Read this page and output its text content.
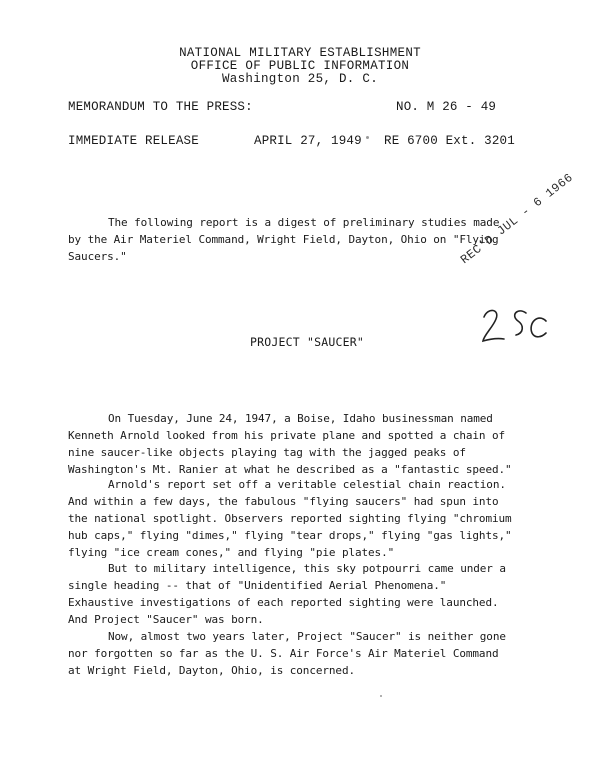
NATIONAL MILITARY ESTABLISHMENT
OFFICE OF PUBLIC INFORMATION
Washington 25, D. C.
MEMORANDUM TO THE PRESS:	NO. M 26 - 49
IMMEDIATE RELEASE	APRIL 27, 1949 RE 6700 Ext. 3201

The following report is a digest of preliminary studies made by the Air Materiel Command, Wright Field, Dayton, Ohio on "Flying Saucers."	REC'D JUL - 6 1966
PROJECT "SAUCER"

On Tuesday, June 24, 1947, a Boise, Idaho businessman named Kenneth Arnold looked from his private plane and spotted a chain of nine saucer-like objects playing tag with the jagged peaks of Washington's Mt. Ranier at what he described as a "fantastic speed."

Arnold's report set off a veritable celestial chain reaction. And within a few days, the fabulous "flying saucers" had spun into the national spotlight. Observers reported sighting flying "chromium hub caps," flying "dimes," flying "tear drops," flying "gas lights," flying "ice cream cones," and flying "pie plates."

But to military intelligence, this sky potpourri came under a single heading -- that of "Unidentified Aerial Phenomena." Exhaustive investigations of each reported sighting were launched. And Project "Saucer" was born.

Now, almost two years later, Project "Saucer" is neither gone nor forgotten so far as the U. S. Air Force's Air Materiel Command at Wright Field, Dayton, Ohio, is concerned.
